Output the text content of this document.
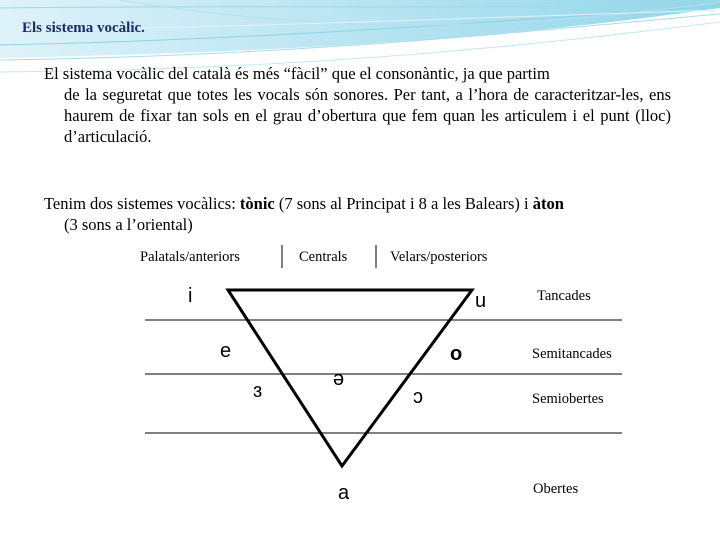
Els sistema vocàlic.
El sistema vocàlic del català és més “fàcil” que el consonàntic, ja que partim
de la seguretat que totes les vocals són sonores. Per tant, a l’hora de caracteritzar-les, ens haurem de fixar tan sols en el grau d’obertura que fem quan les articulem i el punt (lloc) d’articulació.
Tenim dos sistemes vocàlics: tònic (7 sons al Principat i 8 a les Balears) i àton
(3 sons a l’oriental)
Palatals/anteriors	Centrals	Velars/posteriors
Tancades
Semitancades
Semiobertes
Obertes
i	u
e	o
ɜ
ə
ɔ
a
